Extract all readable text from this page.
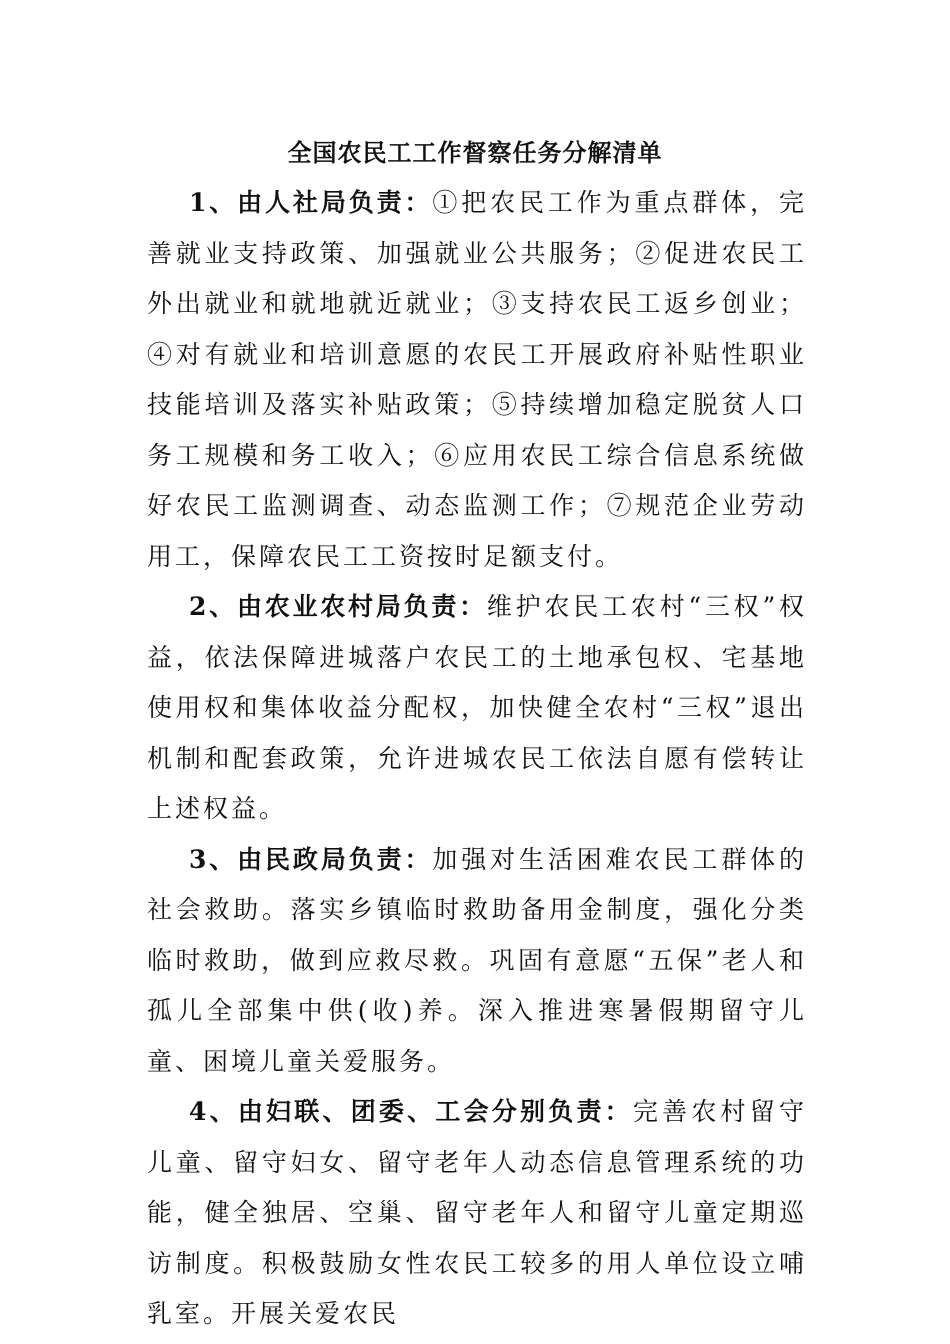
全国农民工工作督察任务分解清单

1、由人社局负责：①把农民工作为重点群体，完善就业支持政策、加强就业公共服务；②促进农民工外出就业和就地就近就业；③支持农民工返乡创业；④对有就业和培训意愿的农民工开展政府补贴性职业技能培训及落实补贴政策；⑤持续增加稳定脱贫人口务工规模和务工收入；⑥应用农民工综合信息系统做好农民工监测调查、动态监测工作；⑦规范企业劳动用工，保障农民工工资按时足额支付。

2、由农业农村局负责：维护农民工农村“三权”权益，依法保障进城落户农民工的土地承包权、宅基地使用权和集体收益分配权，加快健全农村“三权”退出机制和配套政策，允许进城农民工依法自愿有偿转让上述权益。

3、由民政局负责：加强对生活困难农民工群体的社会救助。落实乡镇临时救助备用金制度，强化分类临时救助，做到应救尽救。巩固有意愿“五保”老人和孤儿全部集中供(收)养。深入推进寒暑假期留守儿童、困境儿童关爱服务。

4、由妇联、团委、工会分别负责：完善农村留守儿童、留守妇女、留守老年人动态信息管理系统的功能，健全独居、空巢、留守老年人和留守儿童定期巡访制度。积极鼓励女性农民工较多的用人单位设立哺乳室。开展关爱农民
